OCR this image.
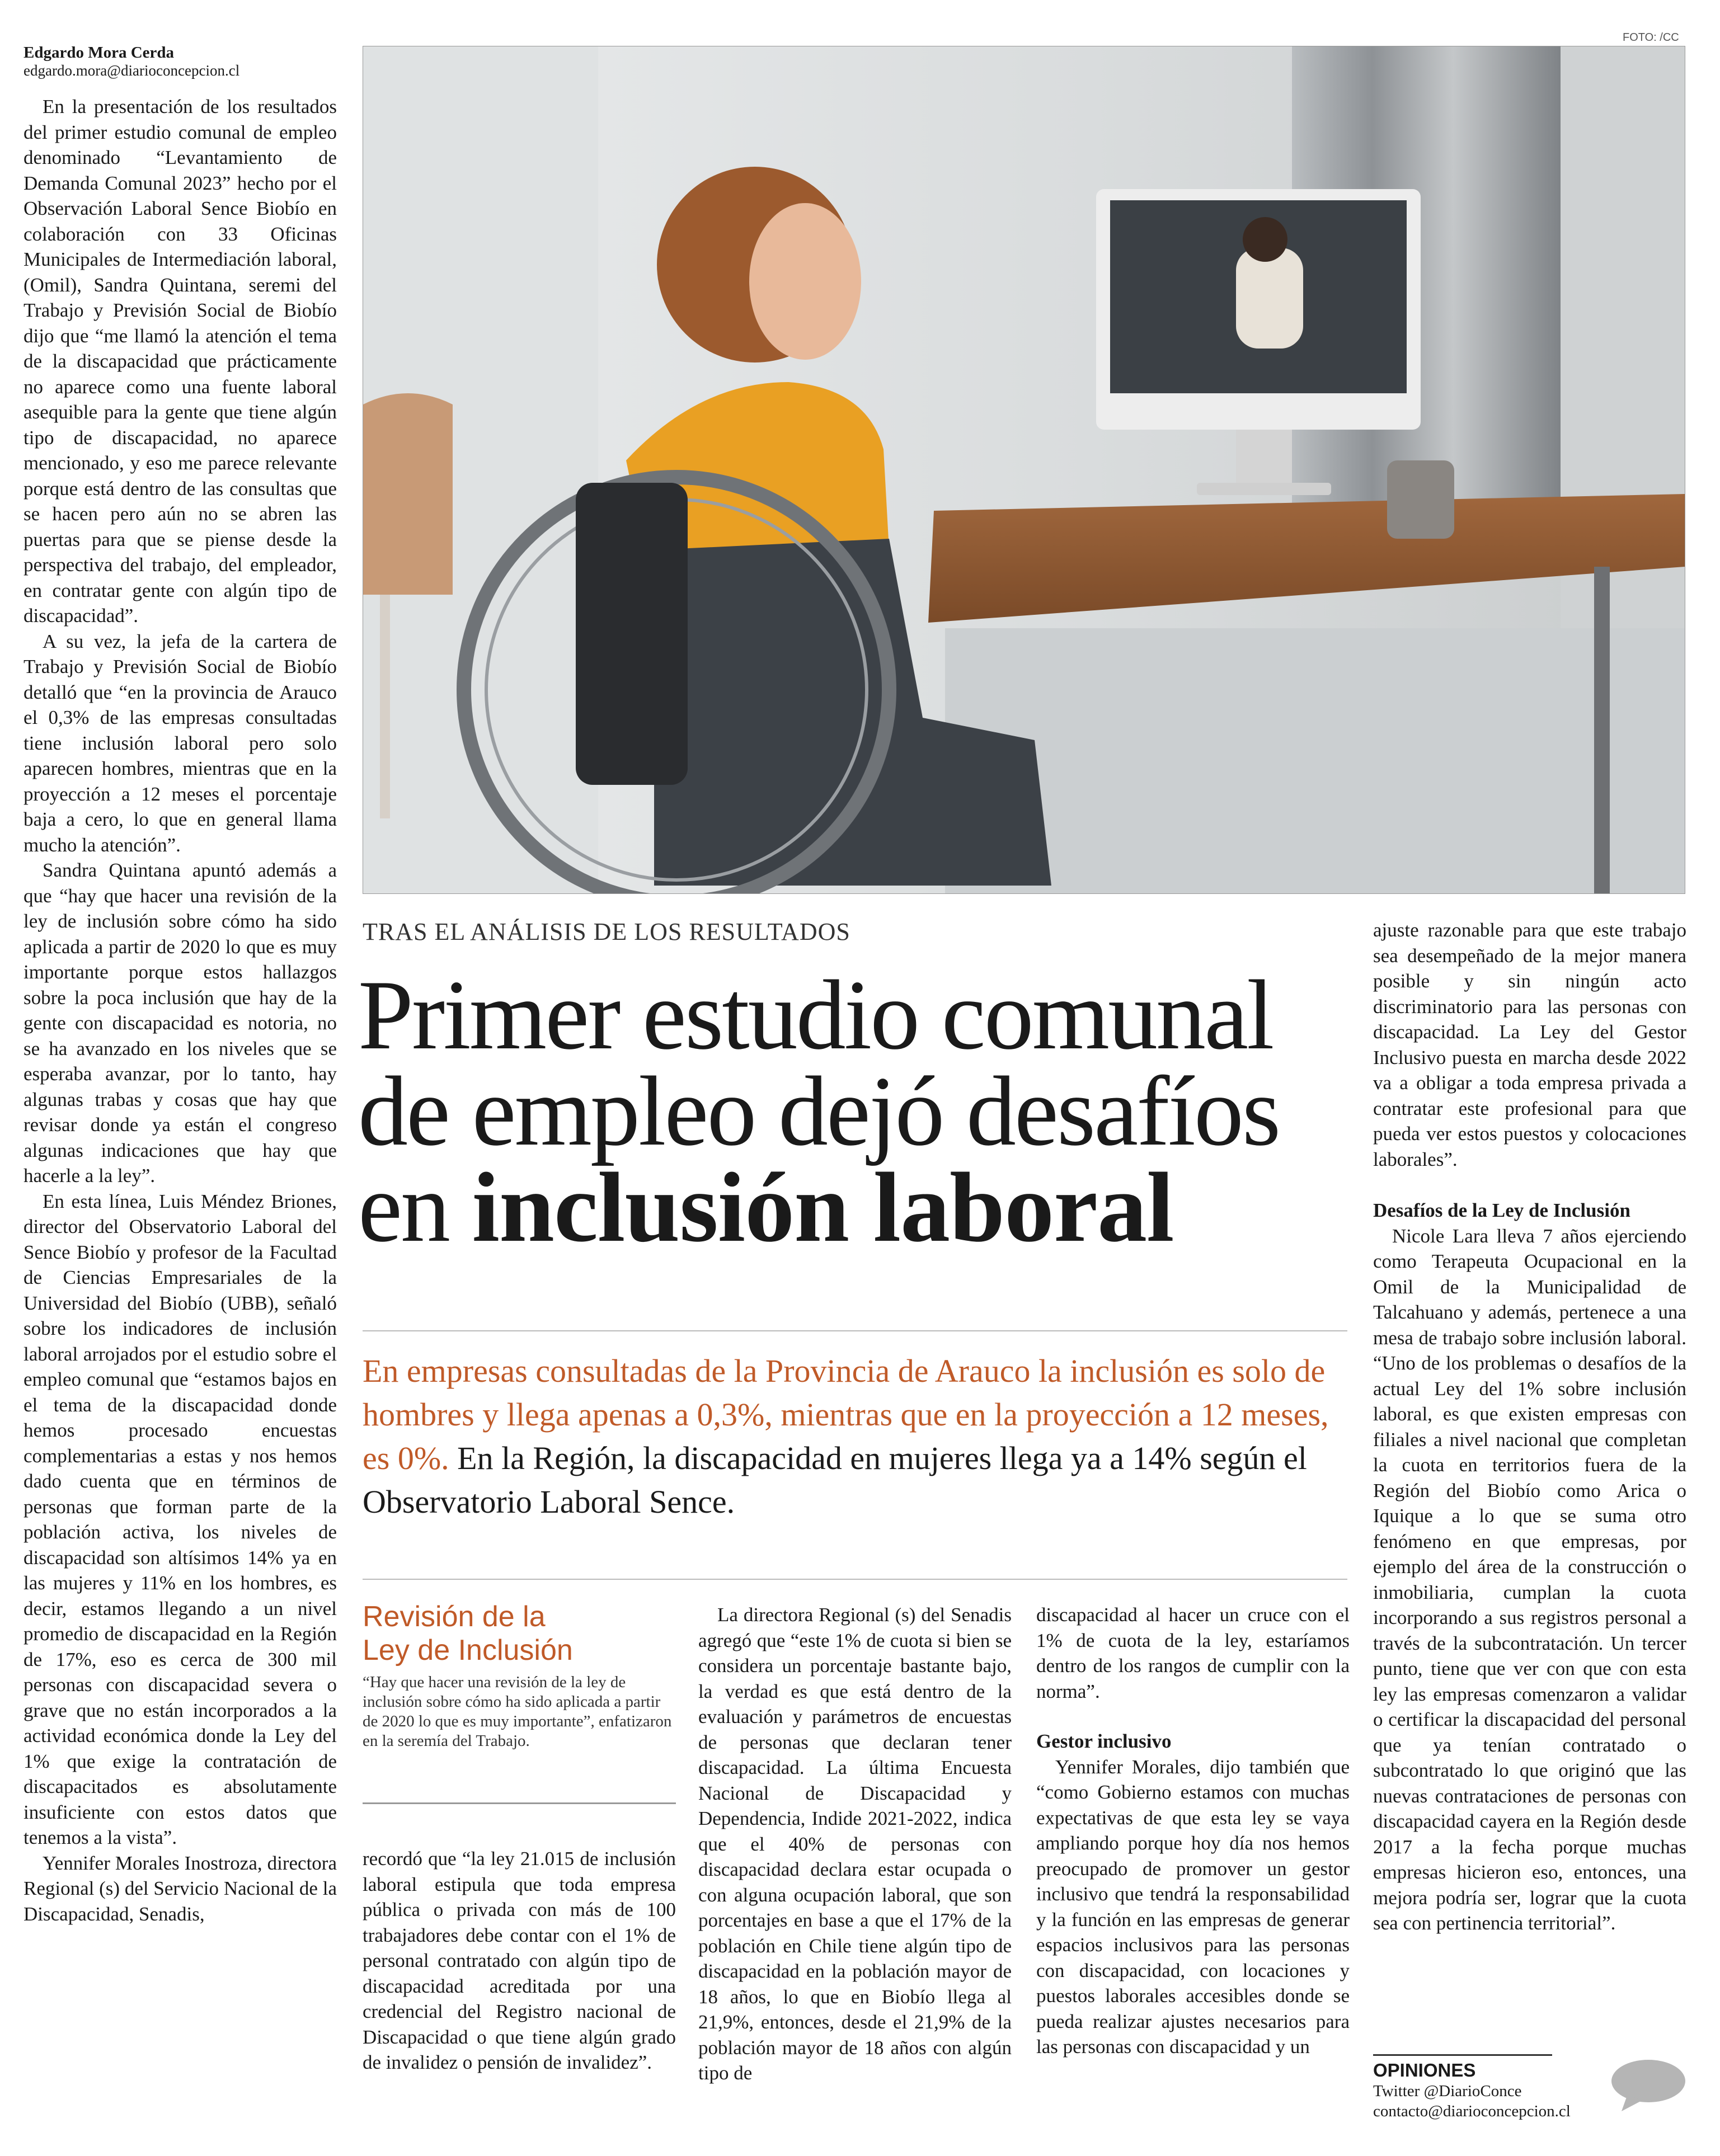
Edgardo Mora Cerda
edgardo.mora@diarioconcepcion.cl

En la presentación de los resultados del primer estudio comunal de empleo denominado “Levantamiento de Demanda Comunal 2023” hecho por el Observación Laboral Sence Biobío en colaboración con 33 Oficinas Municipales de Intermediación laboral, (Omil), Sandra Quintana, seremi del Trabajo y Previsión Social de Biobío dijo que “me llamó la atención el tema de la discapacidad que prácticamente no aparece como una fuente laboral asequible para la gente que tiene algún tipo de discapacidad, no aparece mencionado, y eso me parece relevante porque está dentro de las consultas que se hacen pero aún no se abren las puertas para que se piense desde la perspectiva del trabajo, del empleador, en contratar gente con algún tipo de discapacidad”.

A su vez, la jefa de la cartera de Trabajo y Previsión Social de Biobío detalló que “en la provincia de Arauco el 0,3% de las empresas consultadas tiene inclusión laboral pero solo aparecen hombres, mientras que en la proyección a 12 meses el porcentaje baja a cero, lo que en general llama mucho la atención”.

Sandra Quintana apuntó además a que “hay que hacer una revisión de la ley de inclusión sobre cómo ha sido aplicada a partir de 2020 lo que es muy importante porque estos hallazgos sobre la poca inclusión que hay de la gente con discapacidad es notoria, no se ha avanzado en los niveles que se esperaba avanzar, por lo tanto, hay algunas trabas y cosas que hay que revisar donde ya están el congreso algunas indicaciones que hay que hacerle a la ley”.

En esta línea, Luis Méndez Briones, director del Observatorio Laboral del Sence Biobío y profesor de la Facultad de Ciencias Empresariales de la Universidad del Biobío (UBB), señaló sobre los indicadores de inclusión laboral arrojados por el estudio sobre el empleo comunal que “estamos bajos en el tema de la discapacidad donde hemos procesado encuestas complementarias a estas y nos hemos dado cuenta que en términos de personas que forman parte de la población activa, los niveles de discapacidad son altísimos 14% ya en las mujeres y 11% en los hombres, es decir, estamos llegando a un nivel promedio de discapacidad en la Región de 17%, eso es cerca de 300 mil personas con discapacidad severa o grave que no están incorporados a la actividad económica donde la Ley del 1% que exige la contratación de discapacitados es absolutamente insuficiente con estos datos que tenemos a la vista”.

Yennifer Morales Inostroza, directora Regional (s) del Servicio Nacional de la Discapacidad, Senadis,

FOTO: /CC
TRAS EL ANÁLISIS DE LOS RESULTADOS
Primer estudio comunal
de empleo dejó desafíos
en inclusión laboral
En empresas consultadas de la Provincia de Arauco la inclusión es solo de hombres y llega apenas a 0,3%, mientras que en la proyección a 12 meses, es 0%. En la Región, la discapacidad en mujeres llega ya a 14% según el Observatorio Laboral Sence.
Revisión de la
Ley de Inclusión
“Hay que hacer una revisión de la ley de inclusión sobre cómo ha sido aplicada a partir de 2020 lo que es muy importante”, enfatizaron en la seremía del Trabajo.

recordó que “la ley 21.015 de inclusión laboral estipula que toda empresa pública o privada con más de 100 trabajadores debe contar con el 1% de personal contratado con algún tipo de discapacidad acreditada por una credencial del Registro nacional de Discapacidad o que tiene algún grado de invalidez o pensión de invalidez”.

La directora Regional (s) del Senadis agregó que “este 1% de cuota si bien se considera un porcentaje bastante bajo, la verdad es que está dentro de la evaluación y parámetros de encuestas de personas que declaran tener discapacidad. La última Encuesta Nacional de Discapacidad y Dependencia, Indide 2021-2022, indica que el 40% de personas con discapacidad declara estar ocupada o con alguna ocupación laboral, que son porcentajes en base a que el 17% de la población en Chile tiene algún tipo de discapacidad en la población mayor de 18 años, lo que en Biobío llega al 21,9%, entonces, desde el 21,9% de la población mayor de 18 años con algún tipo de

discapacidad al hacer un cruce con el 1% de cuota de la ley, estaríamos dentro de los rangos de cumplir con la norma”.

Gestor inclusivo

Yennifer Morales, dijo también que “como Gobierno estamos con muchas expectativas de que esta ley se vaya ampliando porque hoy día nos hemos preocupado de promover un gestor inclusivo que tendrá la responsabilidad y la función en las empresas de generar espacios inclusivos para las personas con discapacidad, con locaciones y puestos laborales accesibles donde se pueda realizar ajustes necesarios para las personas con discapacidad y un

ajuste razonable para que este trabajo sea desempeñado de la mejor manera posible y sin ningún acto discriminatorio para las personas con discapacidad. La Ley del Gestor Inclusivo puesta en marcha desde 2022 va a obligar a toda empresa privada a contratar este profesional para que pueda ver estos puestos y colocaciones laborales”.

Desafíos de la Ley de Inclusión

Nicole Lara lleva 7 años ejerciendo como Terapeuta Ocupacional en la Omil de la Municipalidad de Talcahuano y además, pertenece a una mesa de trabajo sobre inclusión laboral. “Uno de los problemas o desafíos de la actual Ley del 1% sobre inclusión laboral, es que existen empresas con filiales a nivel nacional que completan la cuota en territorios fuera de la Región del Biobío como Arica o Iquique a lo que se suma otro fenómeno en que empresas, por ejemplo del área de la construcción o inmobiliaria, cumplan la cuota incorporando a sus registros personal a través de la subcontratación. Un tercer punto, tiene que ver con que con esta ley las empresas comenzaron a validar o certificar la discapacidad del personal que ya tenían contratado o subcontratado lo que originó que las nuevas contrataciones de personas con discapacidad cayera en la Región desde 2017 a la fecha porque muchas empresas hicieron eso, entonces, una mejora podría ser, lograr que la cuota sea con pertinencia territorial”.

OPINIONES
Twitter @DiarioConce
contacto@diarioconcepcion.cl
